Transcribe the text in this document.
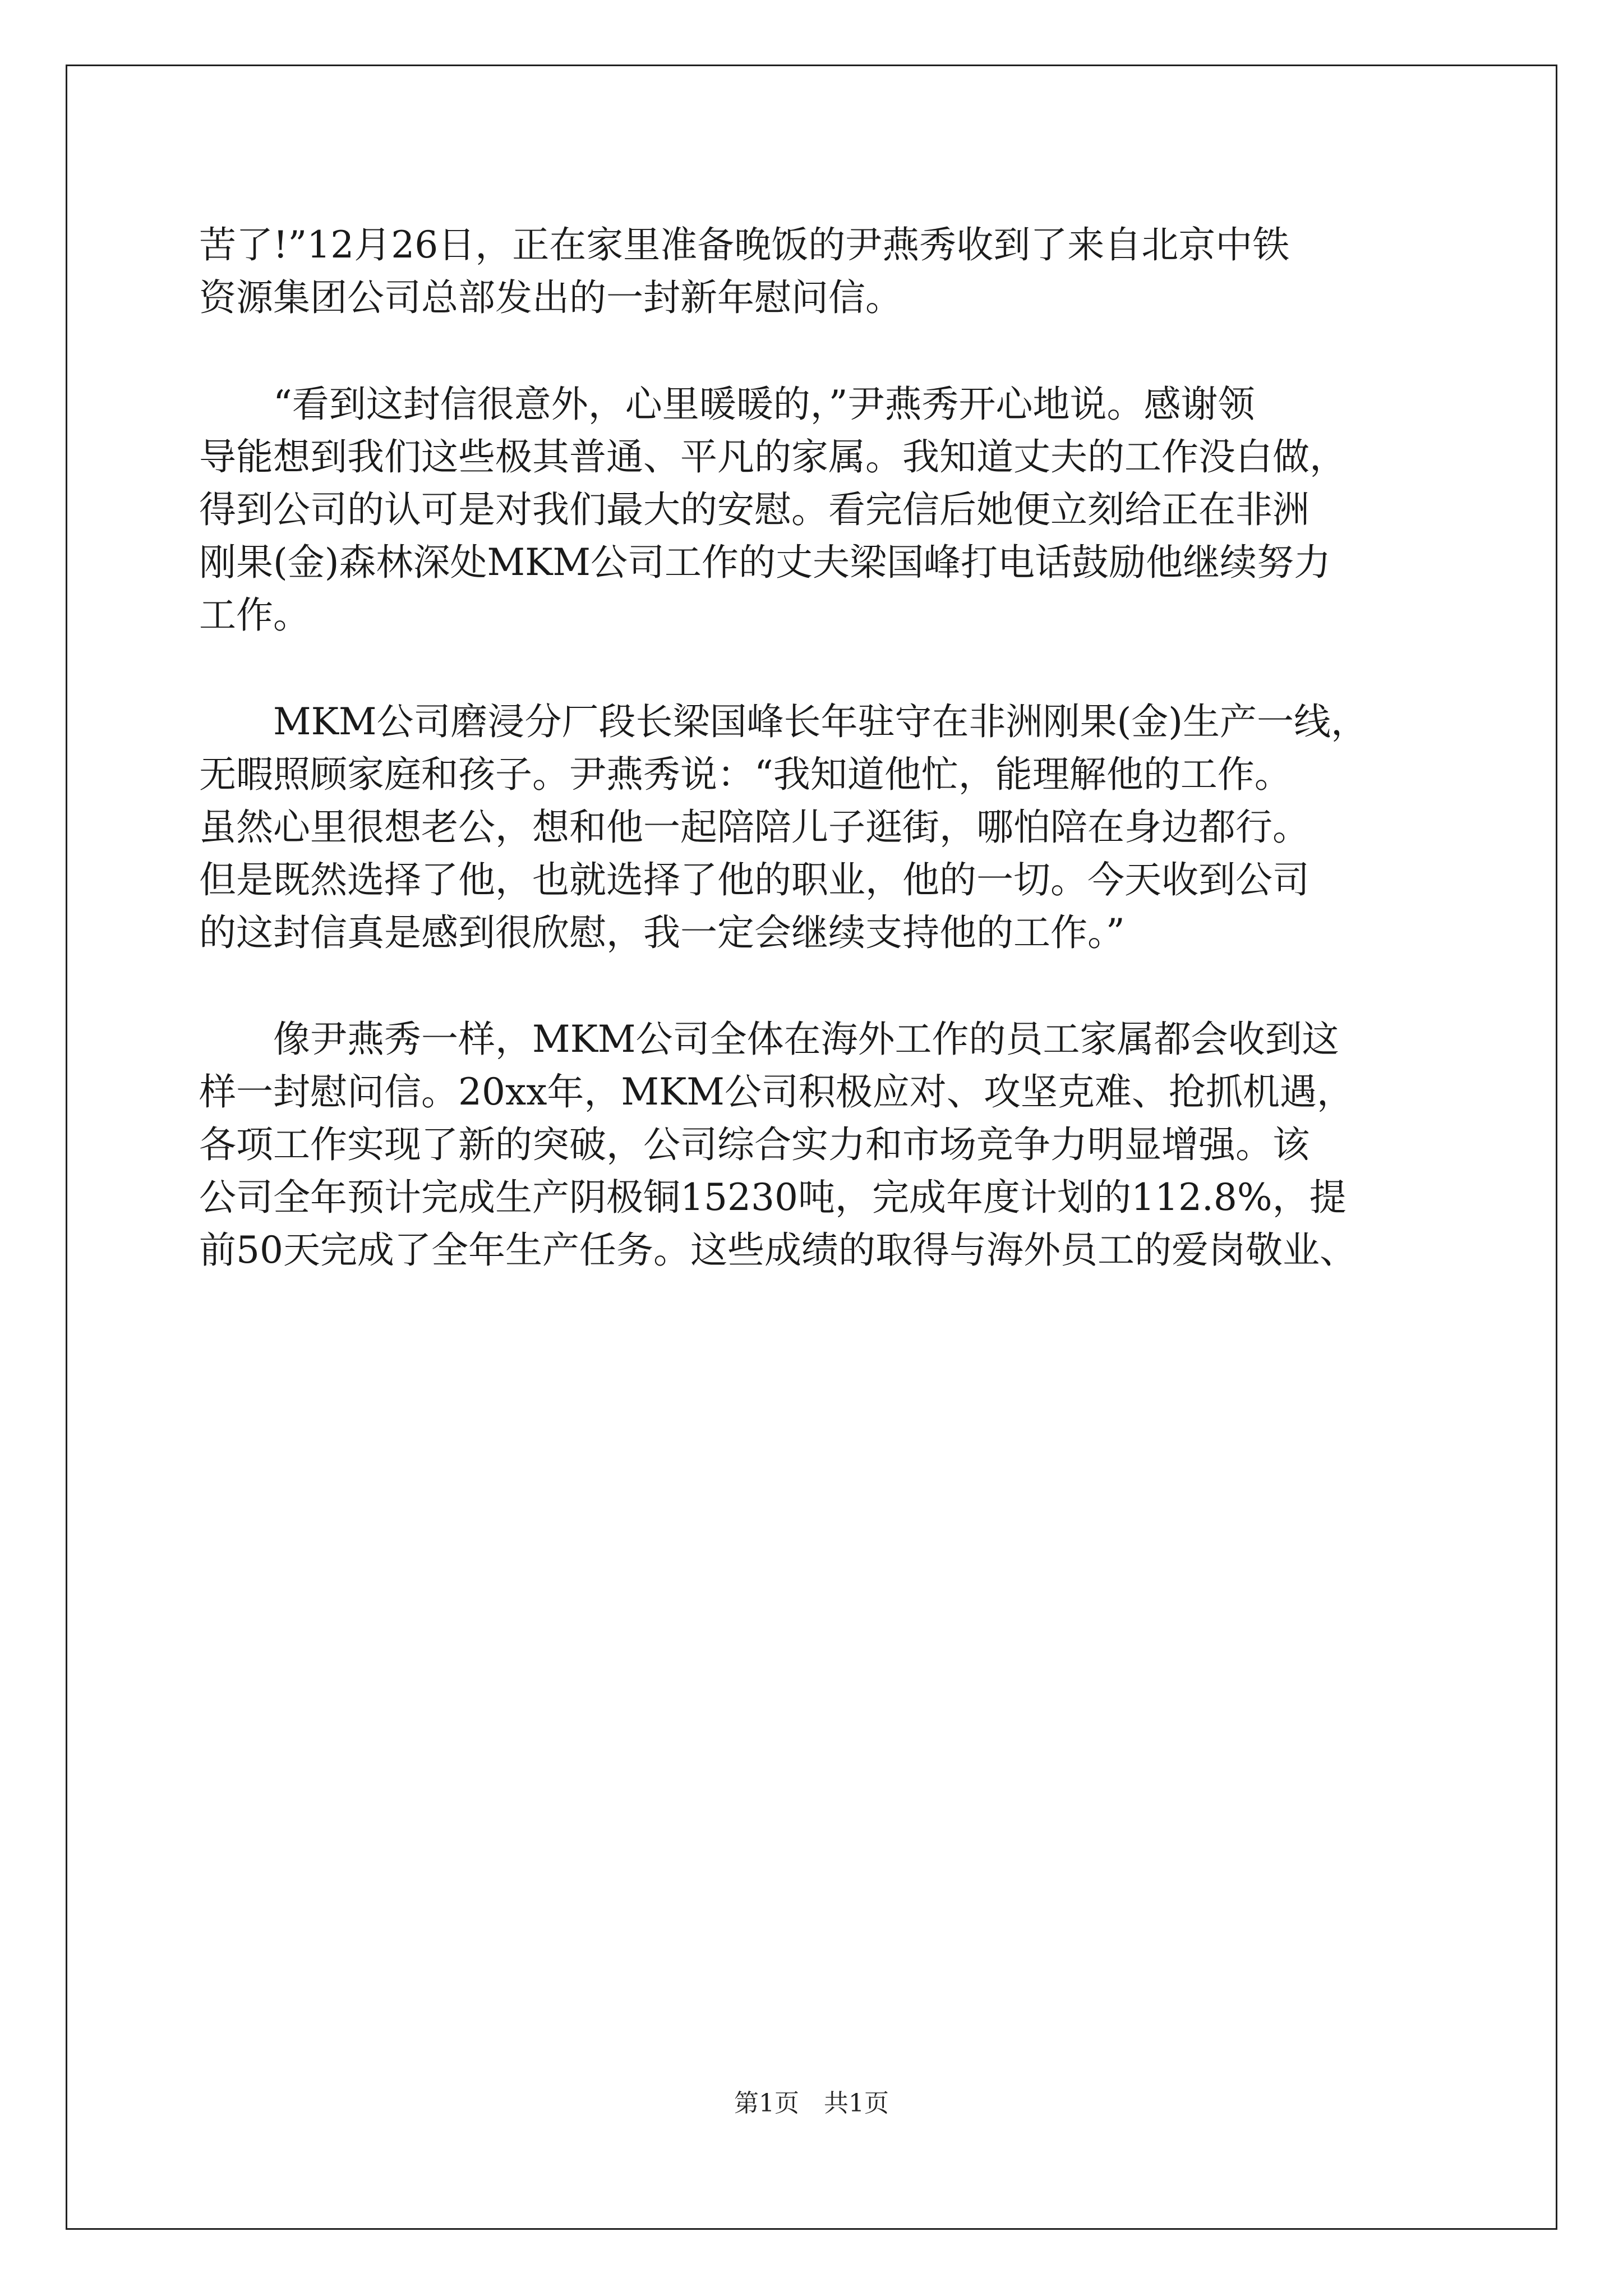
苦了!”12月26日，正在家里准备晚饭的尹燕秀收到了来自北京中铁
资源集团公司总部发出的一封新年慰问信。
“看到这封信很意外，心里暖暖的，”尹燕秀开心地说。感谢领
导能想到我们这些极其普通、平凡的家属。我知道丈夫的工作没白做，
得到公司的认可是对我们最大的安慰。看完信后她便立刻给正在非洲
刚果(金)森林深处MKM公司工作的丈夫梁国峰打电话鼓励他继续努力
工作。
MKM公司磨浸分厂段长梁国峰长年驻守在非洲刚果(金)生产一线，
无暇照顾家庭和孩子。尹燕秀说：“我知道他忙，能理解他的工作。
虽然心里很想老公，想和他一起陪陪儿子逛街，哪怕陪在身边都行。
但是既然选择了他，也就选择了他的职业，他的一切。今天收到公司
的这封信真是感到很欣慰，我一定会继续支持他的工作。”
像尹燕秀一样，MKM公司全体在海外工作的员工家属都会收到这
样一封慰问信。20xx年，MKM公司积极应对、攻坚克难、抢抓机遇，
各项工作实现了新的突破，公司综合实力和市场竞争力明显增强。该
公司全年预计完成生产阴极铜15230吨，完成年度计划的112.8%，提
前50天完成了全年生产任务。这些成绩的取得与海外员工的爱岗敬业、
第1页　共1页
